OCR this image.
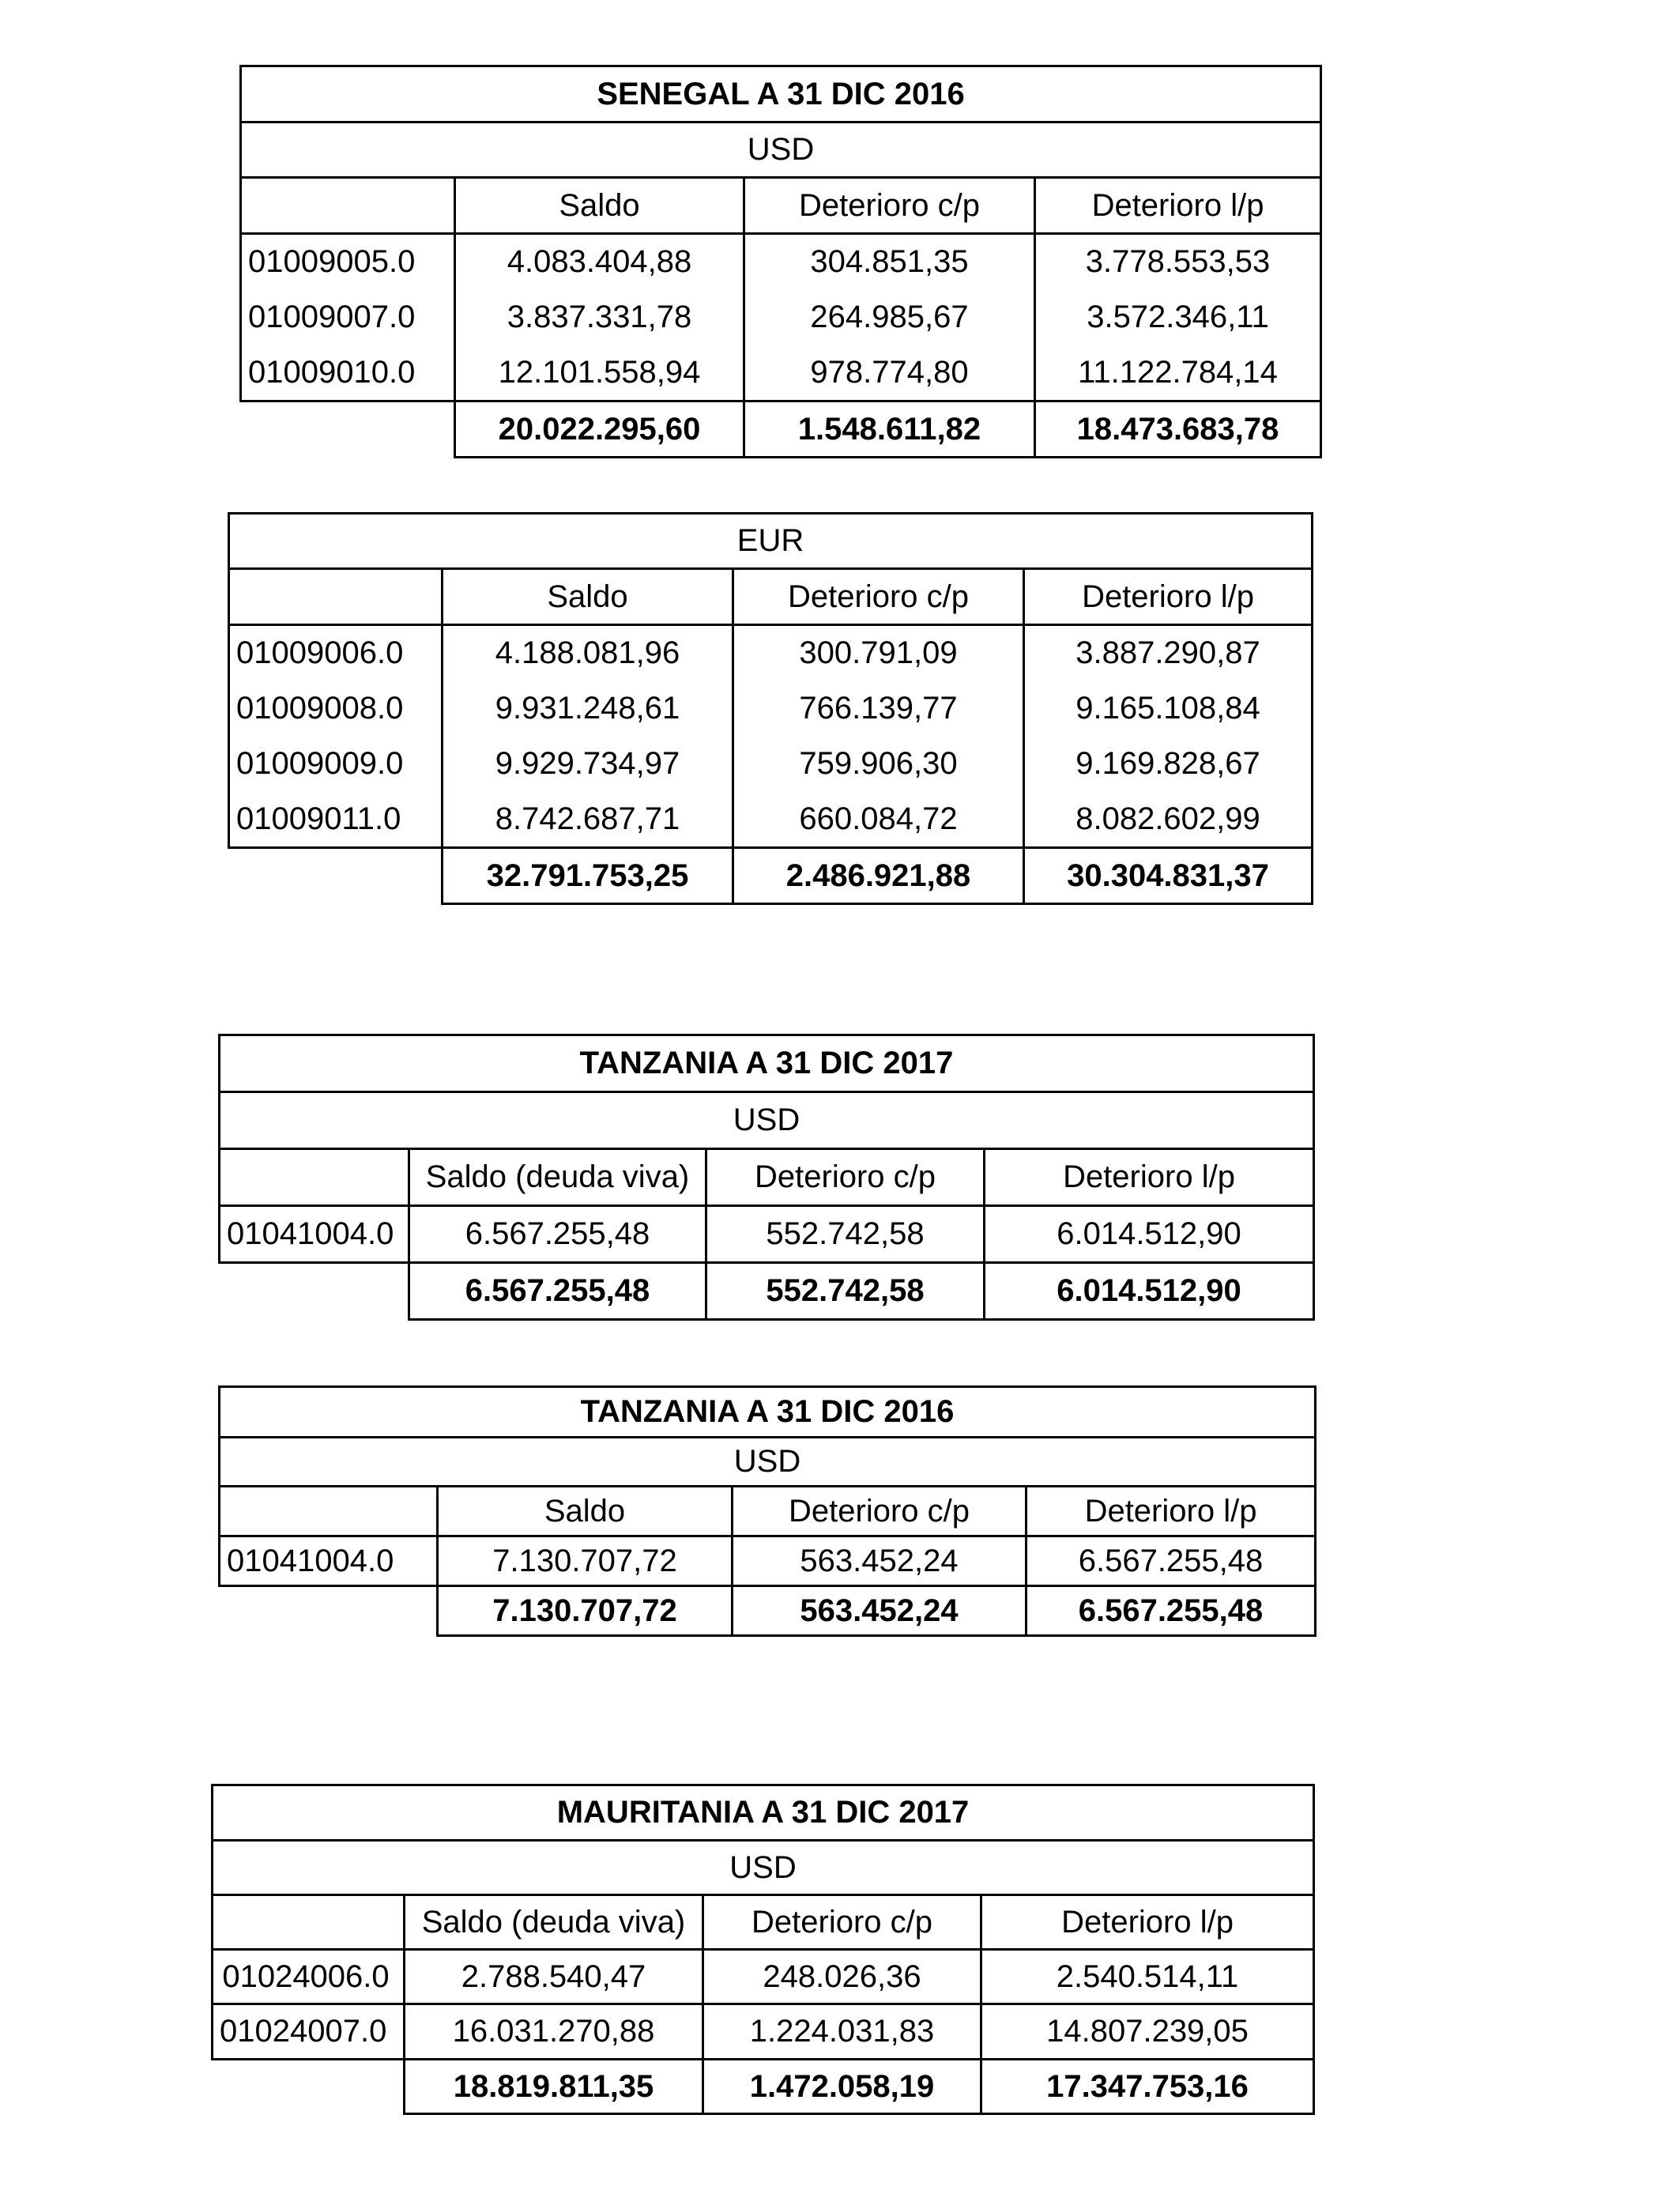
SENEGAL A 31 DIC 2016			
USD			
	Saldo	Deterioro c/p	Deterioro l/p
01009005.0	4.083.404,88	304.851,35	3.778.553,53
01009007.0	3.837.331,78	264.985,67	3.572.346,11
01009010.0	12.101.558,94	978.774,80	11.122.784,14
	20.022.295,60	1.548.611,82	18.473.683,78
EUR			
	Saldo	Deterioro c/p	Deterioro l/p
01009006.0	4.188.081,96	300.791,09	3.887.290,87
01009008.0	9.931.248,61	766.139,77	9.165.108,84
01009009.0	9.929.734,97	759.906,30	9.169.828,67
01009011.0	8.742.687,71	660.084,72	8.082.602,99
	32.791.753,25	2.486.921,88	30.304.831,37
TANZANIA A 31 DIC 2017			
USD			
	Saldo (deuda viva)	Deterioro c/p	Deterioro l/p
01041004.0	6.567.255,48	552.742,58	6.014.512,90
	6.567.255,48	552.742,58	6.014.512,90
TANZANIA A 31 DIC 2016			
USD			
	Saldo	Deterioro c/p	Deterioro l/p
01041004.0	7.130.707,72	563.452,24	6.567.255,48
	7.130.707,72	563.452,24	6.567.255,48
MAURITANIA A 31 DIC 2017			
USD			
	Saldo (deuda viva)	Deterioro c/p	Deterioro l/p
01024006.0	2.788.540,47	248.026,36	2.540.514,11
01024007.0	16.031.270,88	1.224.031,83	14.807.239,05
	18.819.811,35	1.472.058,19	17.347.753,16
